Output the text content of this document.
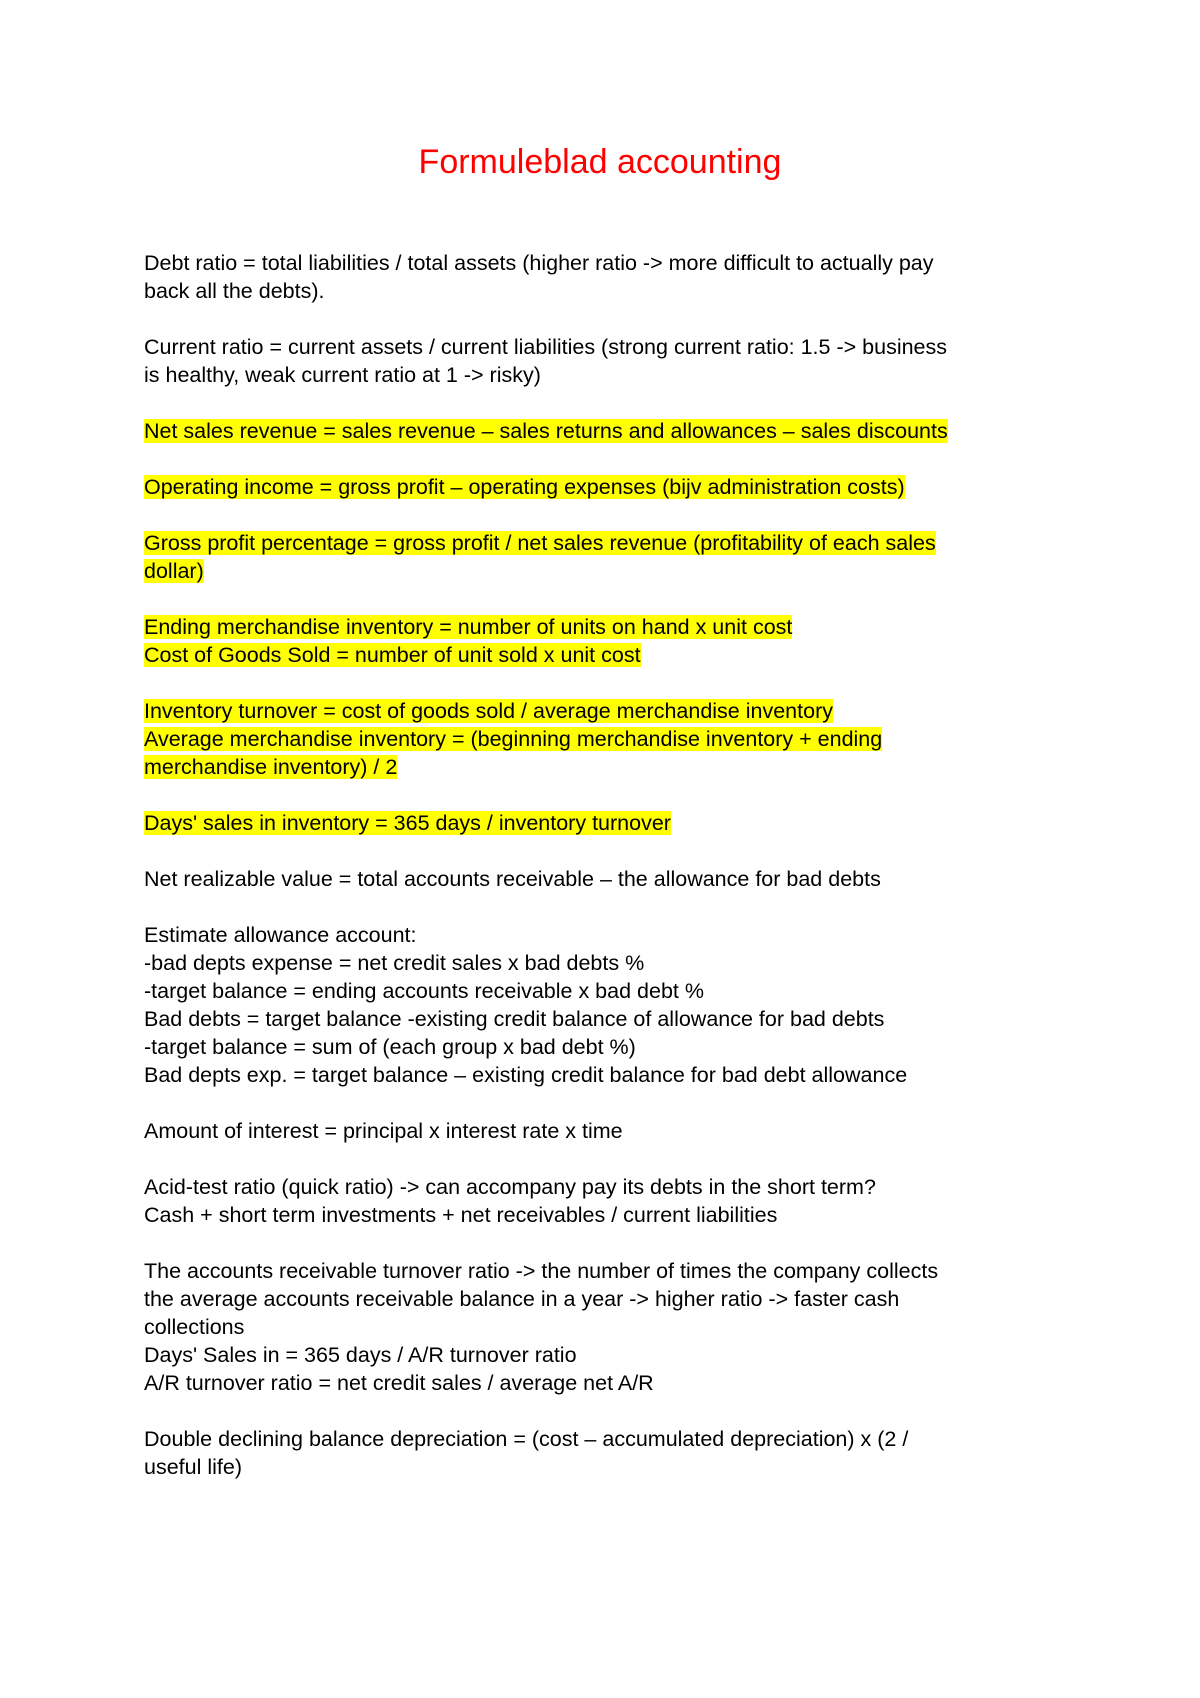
Formuleblad accounting
Debt ratio = total liabilities / total assets (higher ratio -> more difficult to actually pay
back all the debts).
Current ratio = current assets / current liabilities (strong current ratio: 1.5 -> business
is healthy, weak current ratio at 1 -> risky)
Net sales revenue = sales revenue – sales returns and allowances – sales discounts
Operating income = gross profit – operating expenses (bijv administration costs)
Gross profit percentage = gross profit / net sales revenue (profitability of each sales
dollar)
Ending merchandise inventory = number of units on hand x unit cost
Cost of Goods Sold = number of unit sold x unit cost
Inventory turnover = cost of goods sold / average merchandise inventory
Average merchandise inventory = (beginning merchandise inventory + ending
merchandise inventory) / 2
Days' sales in inventory = 365 days / inventory turnover
Net realizable value = total accounts receivable – the allowance for bad debts
Estimate allowance account:
-bad depts expense = net credit sales x bad debts %
-target balance = ending accounts receivable x bad debt %
Bad debts = target balance -existing credit balance of allowance for bad debts
-target balance = sum of (each group x bad debt %)
Bad depts exp. = target balance – existing credit balance for bad debt allowance
Amount of interest = principal x interest rate x time
Acid-test ratio (quick ratio) -> can accompany pay its debts in the short term?
Cash + short term investments + net receivables / current liabilities
The accounts receivable turnover ratio -> the number of times the company collects
the average accounts receivable balance in a year -> higher ratio -> faster cash
collections
Days' Sales in = 365 days / A/R turnover ratio
A/R turnover ratio = net credit sales / average net A/R
Double declining balance depreciation = (cost – accumulated depreciation) x (2 /
useful life)
